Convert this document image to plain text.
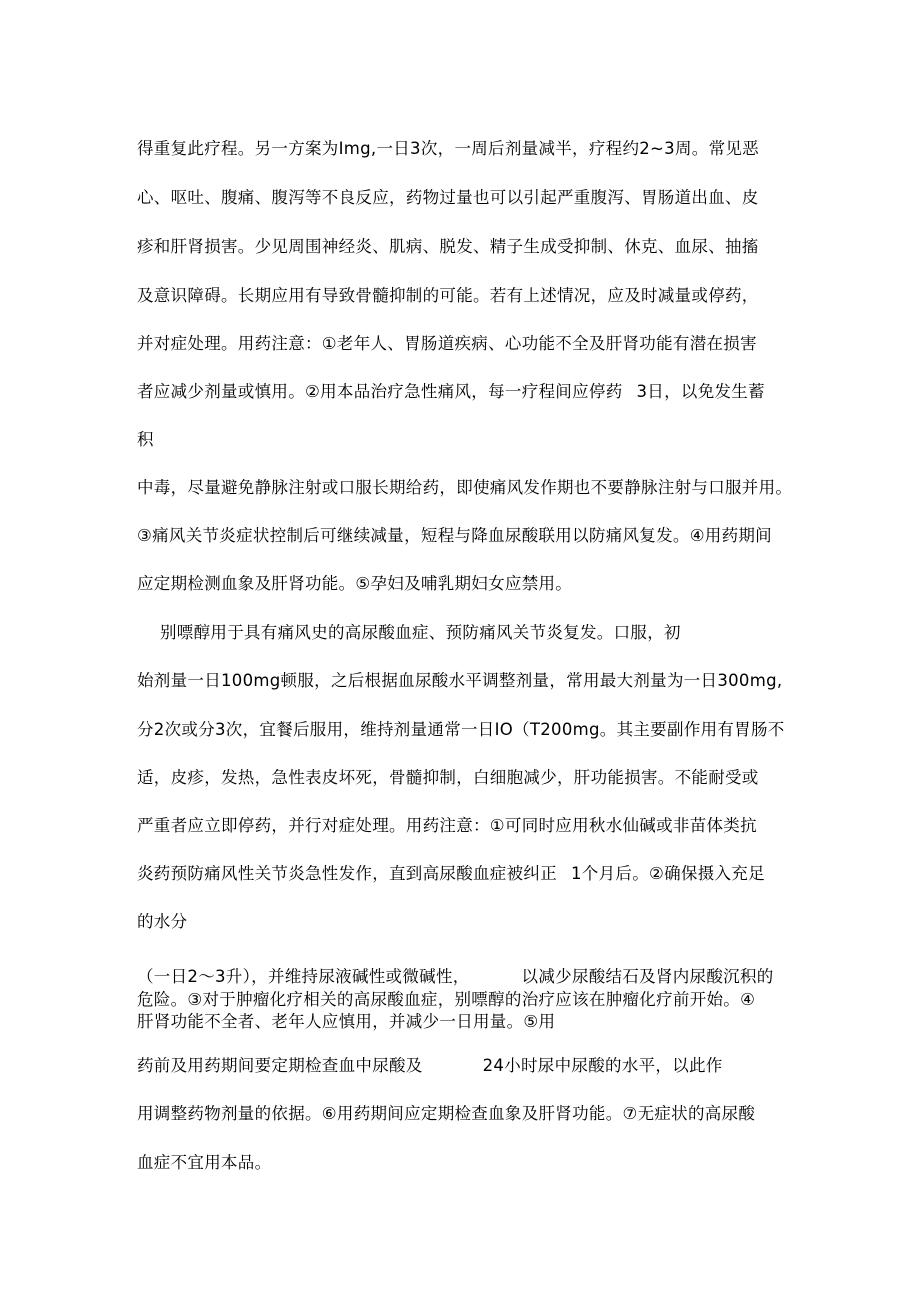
得重复此疗程。另一方案为Img,一日3次，一周后剂量减半，疗程约2~3周。常见恶
心、呕吐、腹痛、腹泻等不良反应，药物过量也可以引起严重腹泻、胃肠道出血、皮
疹和肝肾损害。少见周围神经炎、肌病、脱发、精子生成受抑制、休克、血尿、抽搐
及意识障碍。长期应用有导致骨髓抑制的可能。若有上述情况，应及时减量或停药，
并对症处理。用药注意：①老年人、胃肠道疾病、心功能不全及肝肾功能有潜在损害
者应减少剂量或慎用。②用本品治疗急性痛风，每一疗程间应停药 3日，以免发生蓄
积
中毒，尽量避免静脉注射或口服长期给药，即使痛风发作期也不要静脉注射与口服并用。
③痛风关节炎症状控制后可继续减量，短程与降血尿酸联用以防痛风复发。④用药期间
应定期检测血象及肝肾功能。⑤孕妇及哺乳期妇女应禁用。
别嘌醇用于具有痛风史的高尿酸血症、预防痛风关节炎复发。口服，初
始剂量一日100mg顿服，之后根据血尿酸水平调整剂量，常用最大剂量为一日300mg,
分2次或分3次，宜餐后服用，维持剂量通常一日IO（T200mg。其主要副作用有胃肠不
适，皮疹，发热，急性表皮坏死，骨髓抑制，白细胞减少，肝功能损害。不能耐受或
严重者应立即停药，并行对症处理。用药注意：①可同时应用秋水仙碱或非苗体类抗
炎药预防痛风性关节炎急性发作，直到高尿酸血症被纠正 1个月后。②确保摄入充足
的水分
（一日2～3升），并维持尿液碱性或微碱性，	以减少尿酸结石及肾内尿酸沉积的
危险。③对于肿瘤化疗相关的高尿酸血症，别嘌醇的治疗应该在肿瘤化疗前开始。④
肝肾功能不全者、老年人应慎用，并减少一日用量。⑤用
药前及用药期间要定期检查血中尿酸及	24小时尿中尿酸的水平，以此作
用调整药物剂量的依据。⑥用药期间应定期检查血象及肝肾功能。⑦无症状的高尿酸
血症不宜用本品。
